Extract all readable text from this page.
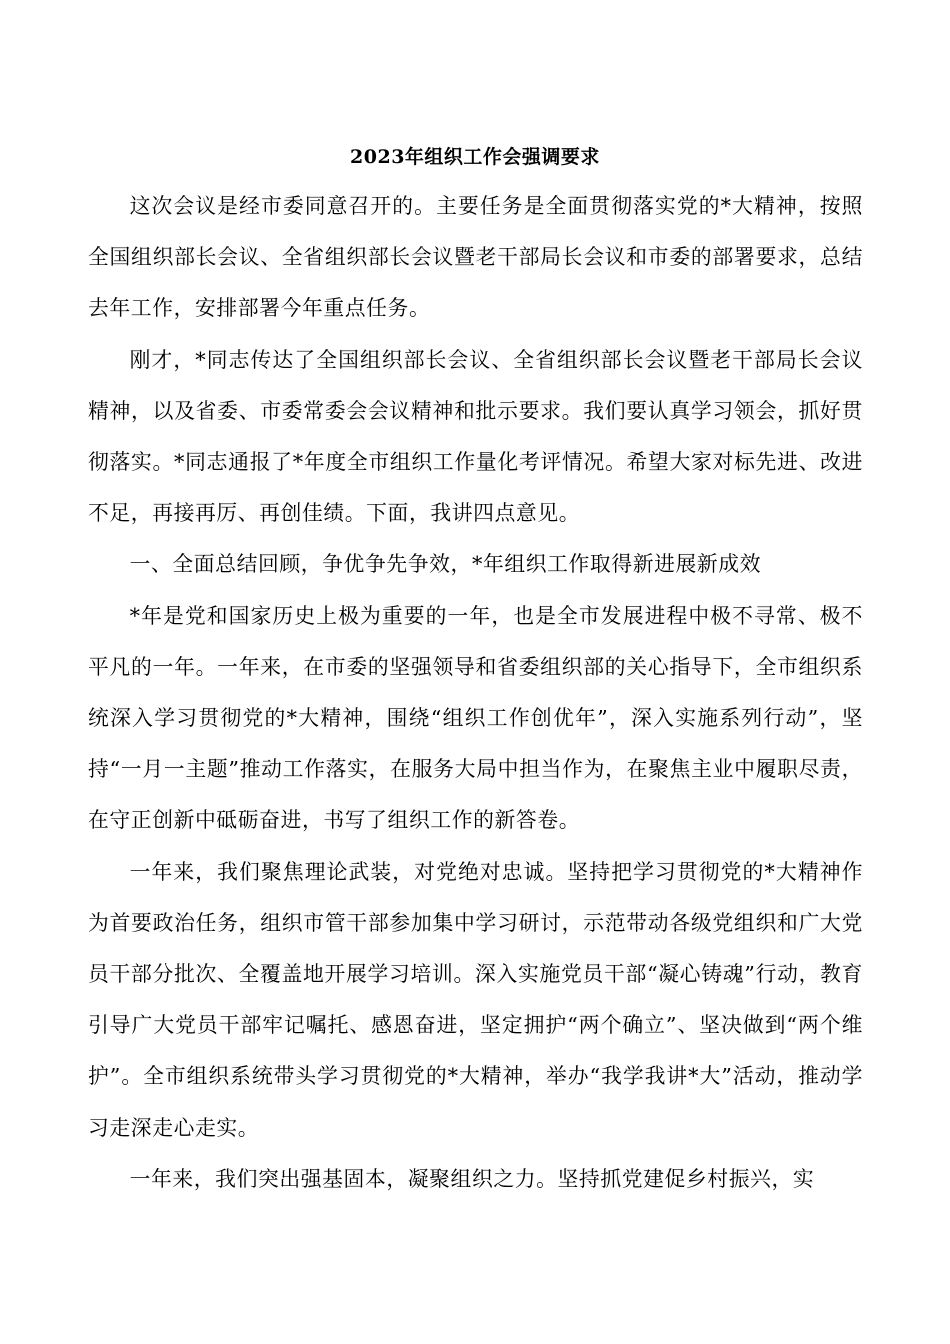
2023年组织工作会强调要求

这次会议是经市委同意召开的。主要任务是全面贯彻落实党的*大精神，按照全国组织部长会议、全省组织部长会议暨老干部局长会议和市委的部署要求，总结去年工作，安排部署今年重点任务。

刚才，*同志传达了全国组织部长会议、全省组织部长会议暨老干部局长会议精神，以及省委、市委常委会会议精神和批示要求。我们要认真学习领会，抓好贯彻落实。*同志通报了*年度全市组织工作量化考评情况。希望大家对标先进、改进不足，再接再厉、再创佳绩。下面，我讲四点意见。

一、全面总结回顾，争优争先争效，*年组织工作取得新进展新成效

*年是党和国家历史上极为重要的一年，也是全市发展进程中极不寻常、极不平凡的一年。一年来，在市委的坚强领导和省委组织部的关心指导下，全市组织系统深入学习贯彻党的*大精神，围绕“组织工作创优年”，深入实施系列行动”，坚持“一月一主题”推动工作落实，在服务大局中担当作为，在聚焦主业中履职尽责，在守正创新中砥砺奋进，书写了组织工作的新答卷。

一年来，我们聚焦理论武装，对党绝对忠诚。坚持把学习贯彻党的*大精神作为首要政治任务，组织市管干部参加集中学习研讨，示范带动各级党组织和广大党员干部分批次、全覆盖地开展学习培训。深入实施党员干部“凝心铸魂”行动，教育引导广大党员干部牢记嘱托、感恩奋进，坚定拥护“两个确立”、坚决做到“两个维护”。全市组织系统带头学习贯彻党的*大精神，举办“我学我讲*大”活动，推动学习走深走心走实。

一年来，我们突出强基固本，凝聚组织之力。坚持抓党建促乡村振兴，实
